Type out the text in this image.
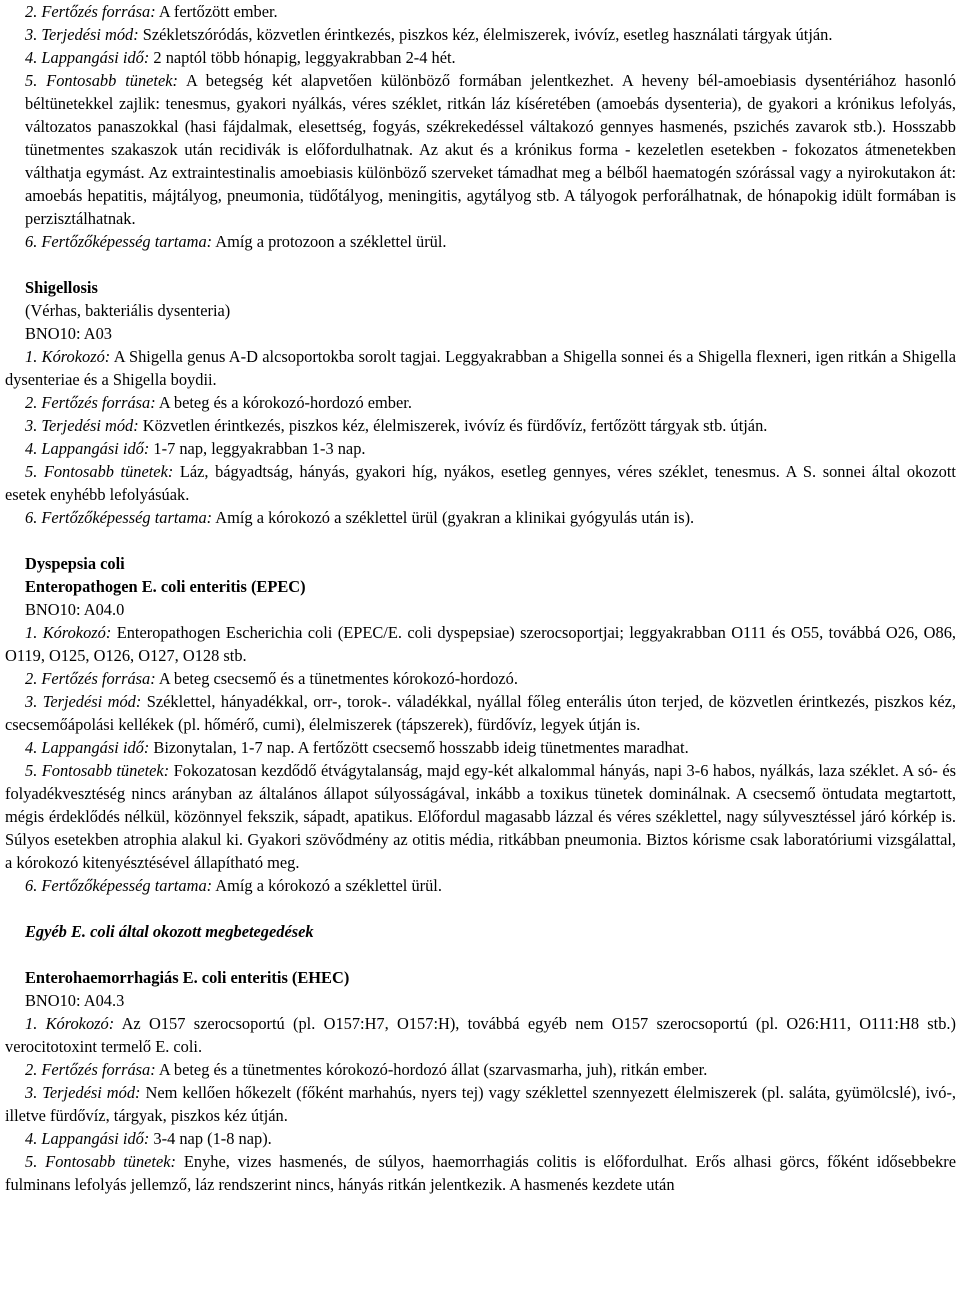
2. Fertőzés forrása: A fertőzött ember.

3. Terjedési mód: Székletszóródás, közvetlen érintkezés, piszkos kéz, élelmiszerek, ivóvíz, esetleg használati tárgyak útján.

4. Lappangási idő: 2 naptól több hónapig, leggyakrabban 2-4 hét.

5. Fontosabb tünetek: A betegség két alapvetően különböző formában jelentkezhet. A heveny bél-amoebiasis dysentériához hasonló béltünetekkel zajlik: tenesmus, gyakori nyálkás, véres széklet, ritkán láz kíséretében (amoebás dysenteria), de gyakori a krónikus lefolyás, változatos panaszokkal (hasi fájdalmak, elesettség, fogyás, székrekedéssel váltakozó gennyes hasmenés, pszichés zavarok stb.). Hosszabb tünetmentes szakaszok után recidivák is előfordulhatnak. Az akut és a krónikus forma - kezeletlen esetekben - fokozatos átmenetekben válthatja egymást. Az extraintestinalis amoebiasis különböző szerveket támadhat meg a bélből haematogén szórással vagy a nyirokutakon át: amoebás hepatitis, májtályog, pneumonia, tüdőtályog, meningitis, agytályog stb. A tályogok perforálhatnak, de hónapokig idült formában is perzisztálhatnak.

6. Fertőzőképesség tartama: Amíg a protozoon a széklettel ürül.

Shigellosis

(Vérhas, bakteriális dysenteria)

BNO10: A03

1. Kórokozó: A Shigella genus A-D alcsoportokba sorolt tagjai. Leggyakrabban a Shigella sonnei és a Shigella flexneri, igen ritkán a Shigella dysenteriae és a Shigella boydii.

2. Fertőzés forrása: A beteg és a kórokozó-hordozó ember.

3. Terjedési mód: Közvetlen érintkezés, piszkos kéz, élelmiszerek, ivóvíz és fürdővíz, fertőzött tárgyak stb. útján.

4. Lappangási idő: 1-7 nap, leggyakrabban 1-3 nap.

5. Fontosabb tünetek: Láz, bágyadtság, hányás, gyakori híg, nyákos, esetleg gennyes, véres széklet, tenesmus. A S. sonnei által okozott esetek enyhébb lefolyásúak.

6. Fertőzőképesség tartama: Amíg a kórokozó a széklettel ürül (gyakran a klinikai gyógyulás után is).

Dyspepsia coli

Enteropathogen E. coli enteritis (EPEC)

BNO10: A04.0

1. Kórokozó: Enteropathogen Escherichia coli (EPEC/E. coli dyspepsiae) szerocsoportjai; leggyakrabban O111 és O55, továbbá O26, O86, O119, O125, O126, O127, O128 stb.

2. Fertőzés forrása: A beteg csecsemő és a tünetmentes kórokozó-hordozó.

3. Terjedési mód: Széklettel, hányadékkal, orr-, torok-. váladékkal, nyállal főleg enterális úton terjed, de közvetlen érintkezés, piszkos kéz, csecsemőápolási kellékek (pl. hőmérő, cumi), élelmiszerek (tápszerek), fürdővíz, legyek útján is.

4. Lappangási idő: Bizonytalan, 1-7 nap. A fertőzött csecsemő hosszabb ideig tünetmentes maradhat.

5. Fontosabb tünetek: Fokozatosan kezdődő étvágytalanság, majd egy-két alkalommal hányás, napi 3-6 habos, nyálkás, laza széklet. A só- és folyadékvesztéség nincs arányban az általános állapot súlyosságával, inkább a toxikus tünetek dominálnak. A csecsemő öntudata megtartott, mégis érdeklődés nélkül, közönnyel fekszik, sápadt, apatikus. Előfordul magasabb lázzal és véres széklettel, nagy súlyvesztéssel járó kórkép is. Súlyos esetekben atrophia alakul ki. Gyakori szövődmény az otitis média, ritkábban pneumonia. Biztos kórisme csak laboratóriumi vizsgálattal, a kórokozó kitenyésztésével állapítható meg.

6. Fertőzőképesség tartama: Amíg a kórokozó a széklettel ürül.

Egyéb E. coli által okozott megbetegedések

Enterohaemorrhagiás E. coli enteritis (EHEC)

BNO10: A04.3

1. Kórokozó: Az O157 szerocsoportú (pl. O157:H7, O157:H), továbbá egyéb nem O157 szerocsoportú (pl. O26:H11, O111:H8 stb.) verocitotoxint termelő E. coli.

2. Fertőzés forrása: A beteg és a tünetmentes kórokozó-hordozó állat (szarvasmarha, juh), ritkán ember.

3. Terjedési mód: Nem kellően hőkezelt (főként marhahús, nyers tej) vagy széklettel szennyezett élelmiszerek (pl. saláta, gyümölcslé), ivó-, illetve fürdővíz, tárgyak, piszkos kéz útján.

4. Lappangási idő: 3-4 nap (1-8 nap).

5. Fontosabb tünetek: Enyhe, vizes hasmenés, de súlyos, haemorrhagiás colitis is előfordulhat. Erős alhasi görcs, főként idősebbekre fulminans lefolyás jellemző, láz rendszerint nincs, hányás ritkán jelentkezik. A hasmenés kezdete után
